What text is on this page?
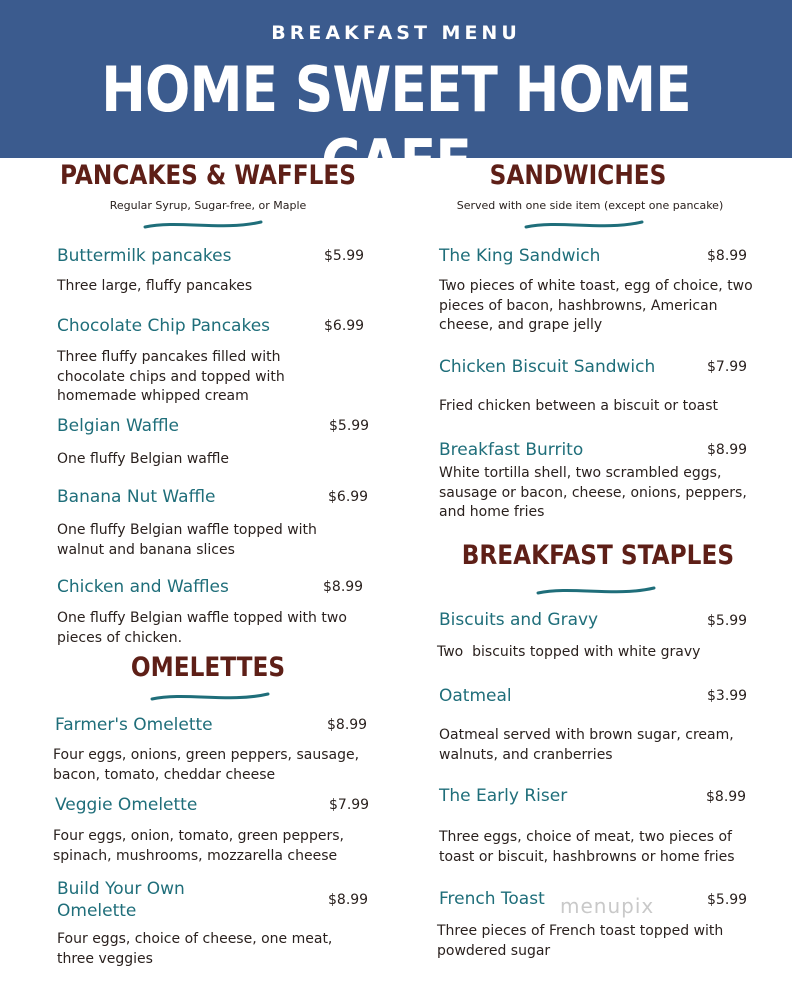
BREAKFAST MENU
HOME SWEET HOME CAFE
PANCAKES & WAFFLES
Regular Syrup, Sugar-free, or Maple
Buttermilk pancakes	$5.99
Three large, fluffy pancakes
Chocolate Chip Pancakes	$6.99
Three fluffy pancakes filled with chocolate chips and topped with homemade whipped cream
Belgian Waffle	$5.99
One fluffy Belgian waffle
Banana Nut Waffle	$6.99
One fluffy Belgian waffle topped with walnut and banana slices
Chicken and Waffles	$8.99
One fluffy Belgian waffle topped with two pieces of chicken.
OMELETTES
Farmer's Omelette	$8.99
Four eggs, onions, green peppers, sausage, bacon, tomato, cheddar cheese
Veggie Omelette	$7.99
Four eggs, onion, tomato, green peppers, spinach, mushrooms, mozzarella cheese
Build Your Own Omelette
$8.99
Four eggs, choice of cheese, one meat, three veggies
SANDWICHES
Served with one side item (except one pancake)
The King Sandwich	$8.99
Two pieces of white toast, egg of choice, two pieces of bacon, hashbrowns, American cheese, and grape jelly
Chicken Biscuit Sandwich	$7.99
Fried chicken between a biscuit or toast
Breakfast Burrito	$8.99
White tortilla shell, two scrambled eggs, sausage or bacon, cheese, onions, peppers, and home fries
BREAKFAST STAPLES
Biscuits and Gravy	$5.99
Two  biscuits topped with white gravy
Oatmeal	$3.99
Oatmeal served with brown sugar, cream, walnuts, and cranberries
The Early Riser	$8.99
Three eggs, choice of meat, two pieces of toast or biscuit, hashbrowns or home fries
French Toast	$5.99
Three pieces of French toast topped with powdered sugar
menupix
